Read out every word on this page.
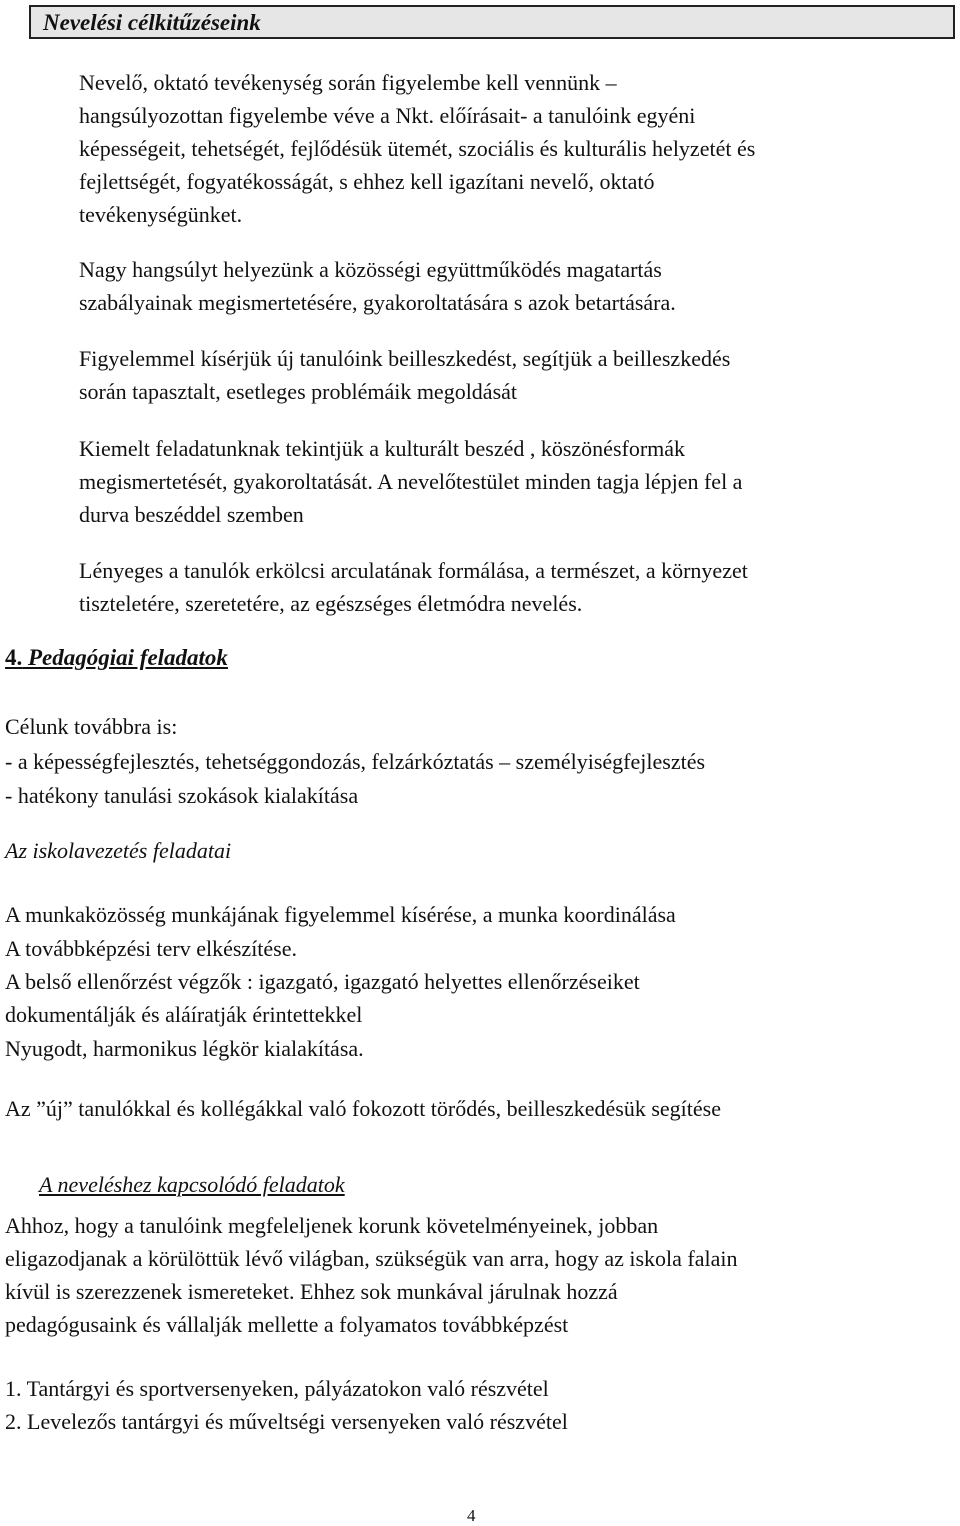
Nevelési célkitűzéseink
Nevelő, oktató tevékenység során figyelembe kell vennünk –
hangsúlyozottan figyelembe véve a Nkt. előírásait- a tanulóink egyéni
képességeit, tehetségét, fejlődésük ütemét, szociális és kulturális helyzetét és
fejlettségét, fogyatékosságát, s ehhez kell igazítani nevelő, oktató
tevékenységünket.
Nagy hangsúlyt helyezünk a közösségi együttműködés magatartás
szabályainak megismertetésére, gyakoroltatására s azok betartására.
Figyelemmel kísérjük új tanulóink beilleszkedést, segítjük a beilleszkedés
során tapasztalt, esetleges problémáik megoldását
Kiemelt feladatunknak tekintjük a kulturált beszéd , köszönésformák
megismertetését, gyakoroltatását. A nevelőtestület minden tagja lépjen fel a
durva beszéddel szemben
Lényeges a tanulók erkölcsi arculatának formálása, a természet, a környezet
tiszteletére, szeretetére, az egészséges életmódra nevelés.
4. Pedagógiai feladatok
Célunk továbbra is:
- a képességfejlesztés, tehetséggondozás, felzárkóztatás – személyiségfejlesztés
- hatékony tanulási szokások kialakítása
Az iskolavezetés feladatai
A munkaközösség munkájának figyelemmel kísérése, a munka koordinálása
A továbbképzési terv elkészítése.
A belső ellenőrzést végzők : igazgató, igazgató helyettes ellenőrzéseiket
dokumentálják és aláíratják érintettekkel
Nyugodt, harmonikus légkör kialakítása.
Az ”új” tanulókkal és kollégákkal való fokozott törődés, beilleszkedésük segítése
A neveléshez kapcsolódó feladatok
Ahhoz, hogy a tanulóink megfeleljenek korunk követelményeinek, jobban
eligazodjanak a körülöttük lévő világban, szükségük van arra, hogy az iskola falain
kívül is szerezzenek ismereteket. Ehhez sok munkával járulnak hozzá
pedagógusaink és vállalják mellette a folyamatos továbbképzést
1. Tantárgyi és sportversenyeken, pályázatokon való részvétel
2. Levelezős tantárgyi és műveltségi versenyeken való részvétel
4
